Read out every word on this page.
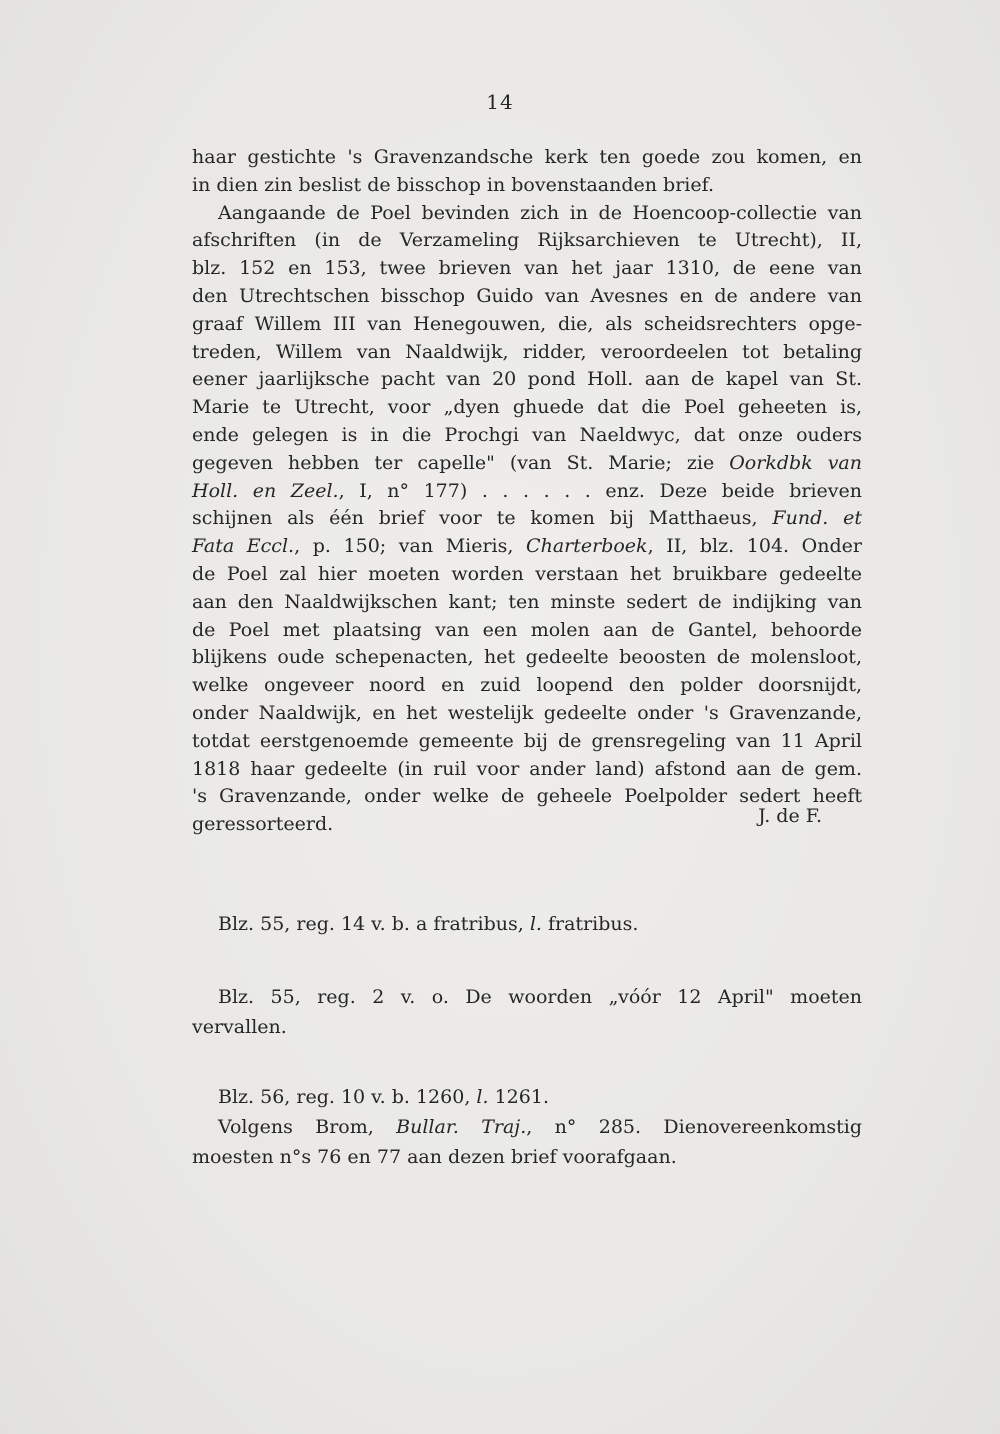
14
haar gestichte 's Gravenzandsche kerk ten goede zou komen, en
in dien zin beslist de bisschop in bovenstaanden brief.
Aangaande de Poel bevinden zich in de Hoencoop-collectie van
afschriften (in de Verzameling Rijksarchieven te Utrecht), II,
blz. 152 en 153, twee brieven van het jaar 1310, de eene van
den Utrechtschen bisschop Guido van Avesnes en de andere van
graaf Willem III van Henegouwen, die, als scheidsrechters opge-
treden, Willem van Naaldwijk, ridder, veroordeelen tot betaling
eener jaarlijksche pacht van 20 pond Holl. aan de kapel van St.
Marie te Utrecht, voor „dyen ghuede dat die Poel geheeten is,
ende gelegen is in die Prochgi van Naeldwyc, dat onze ouders
gegeven hebben ter capelle" (van St. Marie; zie Oorkdbk van
Holl. en Zeel., I, n° 177) . . . . . . enz. Deze beide brieven
schijnen als één brief voor te komen bij Matthaeus, Fund. et
Fata Eccl., p. 150; van Mieris, Charterboek, II, blz. 104. Onder
de Poel zal hier moeten worden verstaan het bruikbare gedeelte
aan den Naaldwijkschen kant; ten minste sedert de indijking van
de Poel met plaatsing van een molen aan de Gantel, behoorde
blijkens oude schepenacten, het gedeelte beoosten de molensloot,
welke ongeveer noord en zuid loopend den polder doorsnijdt,
onder Naaldwijk, en het westelijk gedeelte onder 's Gravenzande,
totdat eerstgenoemde gemeente bij de grensregeling van 11 April
1818 haar gedeelte (in ruil voor ander land) afstond aan de gem.
's Gravenzande, onder welke de geheele Poelpolder sedert heeft
geressorteerd.	J. de F.
Blz. 55, reg. 14 v. b. a fratribus, l. fratribus.
Blz. 55, reg. 2 v. o. De woorden „vóór 12 April" moeten
vervallen.
Blz. 56, reg. 10 v. b. 1260, l. 1261.
Volgens Brom, Bullar. Traj., n° 285. Dienovereenkomstig
moesten n°s 76 en 77 aan dezen brief voorafgaan.
